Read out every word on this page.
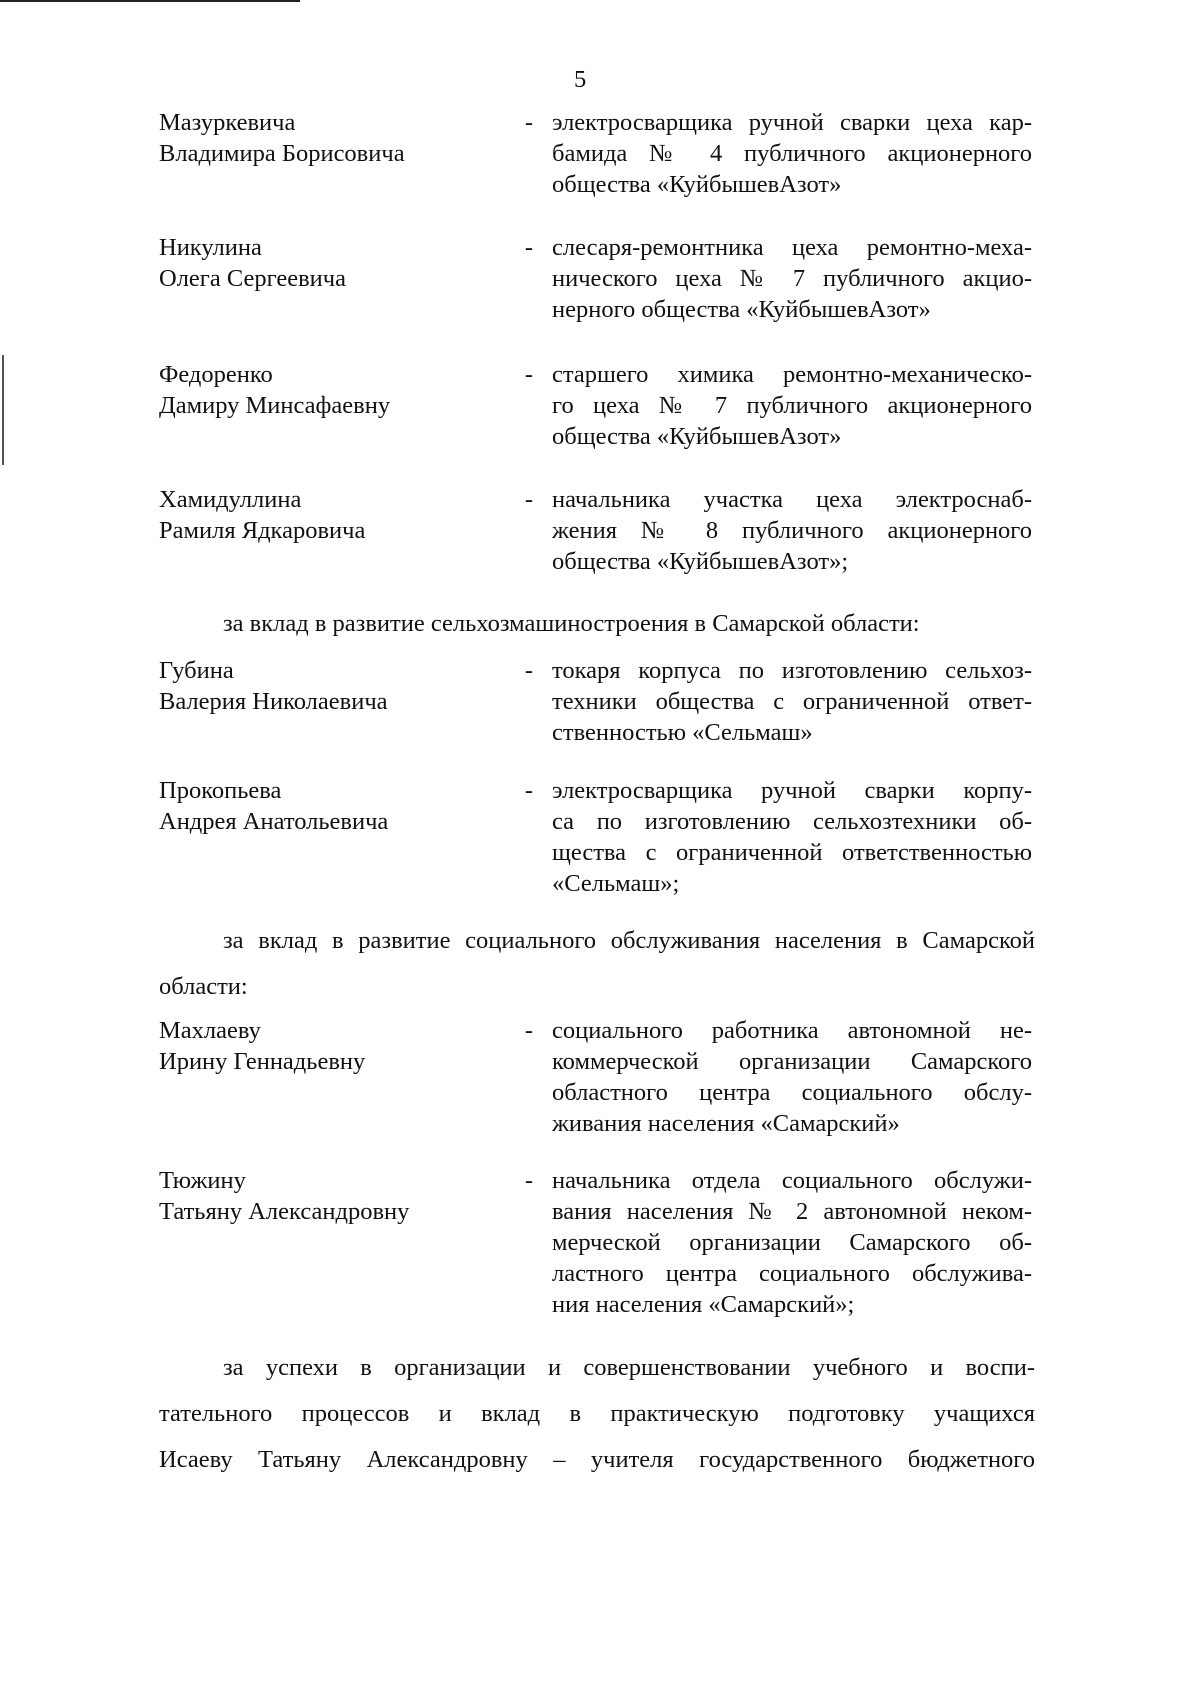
5
Мазуркевича
Владимира Борисовича
- электросварщика ручной сварки цеха кар-
бамида № 4 публичного акционерного
общества «КуйбышевАзот»
Никулина
Олега Сергеевича
- слесаря-ремонтника цеха ремонтно-меха-
нического цеха № 7 публичного акцио-
нерного общества «КуйбышевАзот»
Федоренко
Дамиру Минсафаевну
- старшего химика ремонтно-механическо-
го цеха № 7 публичного акционерного
общества «КуйбышевАзот»
Хамидуллина
Рамиля Ядкаровича
- начальника участка цеха электроснаб-
жения № 8 публичного акционерного
общества «КуйбышевАзот»;
за вклад в развитие сельхозмашиностроения в Самарской области:
Губина
Валерия Николаевича
- токаря корпуса по изготовлению сельхоз-
техники общества с ограниченной ответ-
ственностью «Сельмаш»
Прокопьева
Андрея Анатольевича
- электросварщика ручной сварки корпу-
са по изготовлению сельхозтехники об-
щества с ограниченной ответственностью
«Сельмаш»;
за вклад в развитие социального обслуживания населения в Самарской
области:
Махлаеву
Ирину Геннадьевну
- социального работника автономной не-
коммерческой организации Самарского
областного центра социального обслу-
живания населения «Самарский»
Тюжину
Татьяну Александровну
- начальника отдела социального обслужи-
вания населения № 2 автономной неком-
мерческой организации Самарского об-
ластного центра социального обслужива-
ния населения «Самарский»;
за успехи в организации и совершенствовании учебного и воспи-
тательного процессов и вклад в практическую подготовку учащихся
Исаеву Татьяну Александровну – учителя государственного бюджетного
